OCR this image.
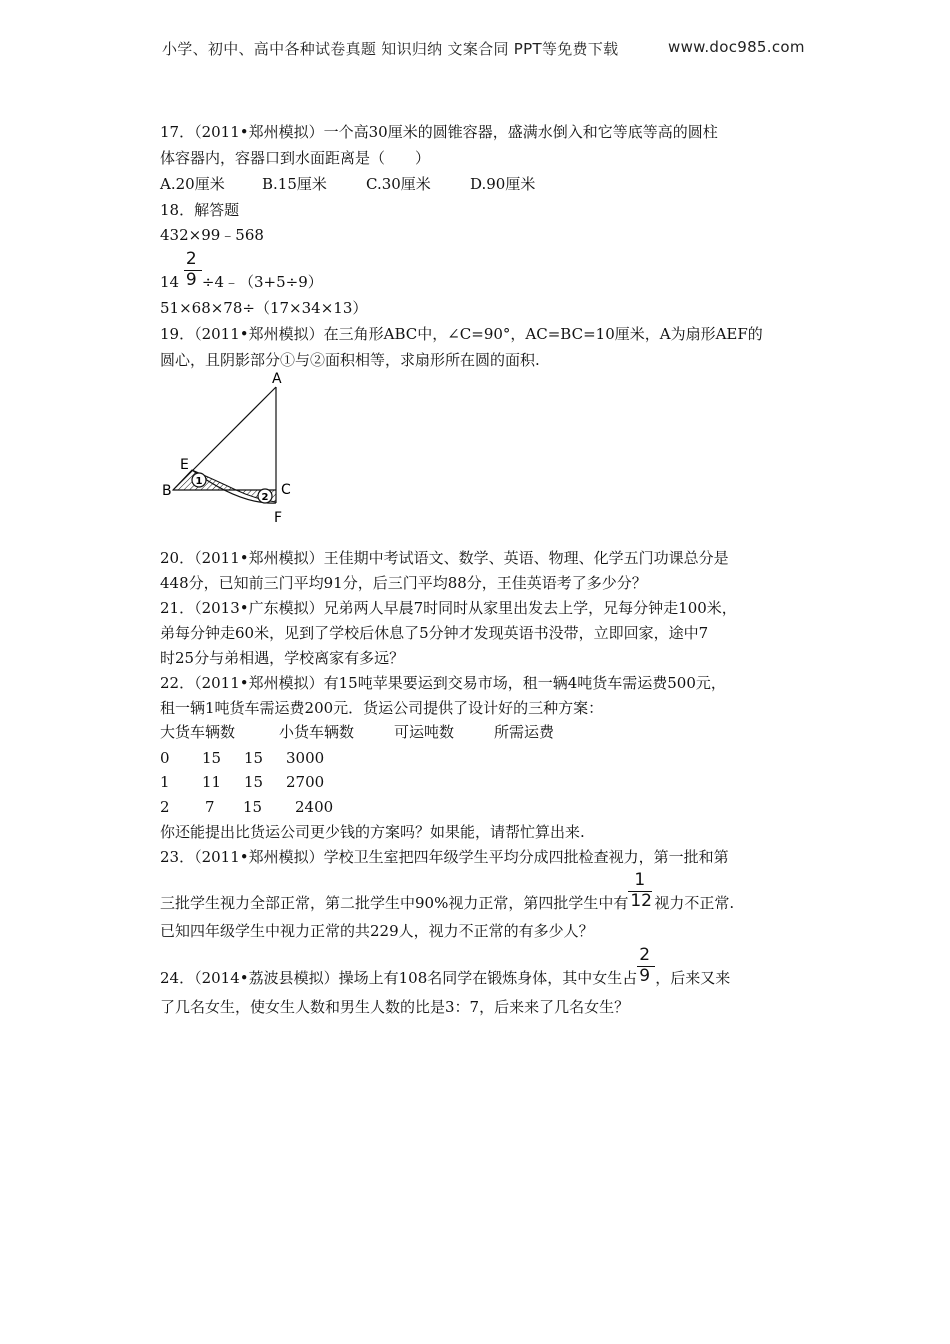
小学、初中、高中各种试卷真题 知识归纳 文案合同 PPT等免费下载	www.doc985.com
17．（2011•郑州模拟）一个高30厘米的圆锥容器，盛满水倒入和它等底等高的圆柱
体容器内，容器口到水面距离是（　　）
A.20厘米 B.15厘米	C.30厘米	D.90厘米
18．解答题
432×99﹣568
$14 \frac{2}{9}$ ÷4﹣（3+5÷9）
51×68×78÷（17×34×13）
19．（2011•郑州模拟）在三角形ABC中，∠C=90°，AC=BC=10厘米，A为扇形AEF的
圆心，且阴影部分①与②面积相等，求扇形所在圆的面积.
1
2
A
B	C
E
F
20．（2011•郑州模拟）王佳期中考试语文、数学、英语、物理、化学五门功课总分是
448分，已知前三门平均91分，后三门平均88分，王佳英语考了多少分？
21．（2013•广东模拟）兄弟两人早晨7时同时从家里出发去上学，兄每分钟走100米，
弟每分钟走60米，见到了学校后休息了5分钟才发现英语书没带，立即回家，途中7
时25分与弟相遇，学校离家有多远？
22．（2011•郑州模拟）有15吨苹果要运到交易市场，租一辆4吨货车需运费500元，
租一辆1吨货车需运费200元．货运公司提供了设计好的三种方案：
大货车辆数	小货车辆数	可运吨数	所需运费
0 15 15 3000
1 11 15 2700
2 7 15 2400
你还能提出比货运公司更少钱的方案吗？如果能，请帮忙算出来.
23．（2011•郑州模拟）学校卫生室把四年级学生平均分成四批检查视力，第一批和第
三批学生视力全部正常，第二批学生中90%视力正常，第四批学生中有 $\frac{1}{12}$ 视力不正常.
已知四年级学生中视力正常的共229人，视力不正常的有多少人？
24．（2014•荔波县模拟）操场上有108名同学在锻炼身体，其中女生占 $\frac{2}{9}$ ，后来又来
了几名女生，使女生人数和男生人数的比是3：7，后来来了几名女生？
